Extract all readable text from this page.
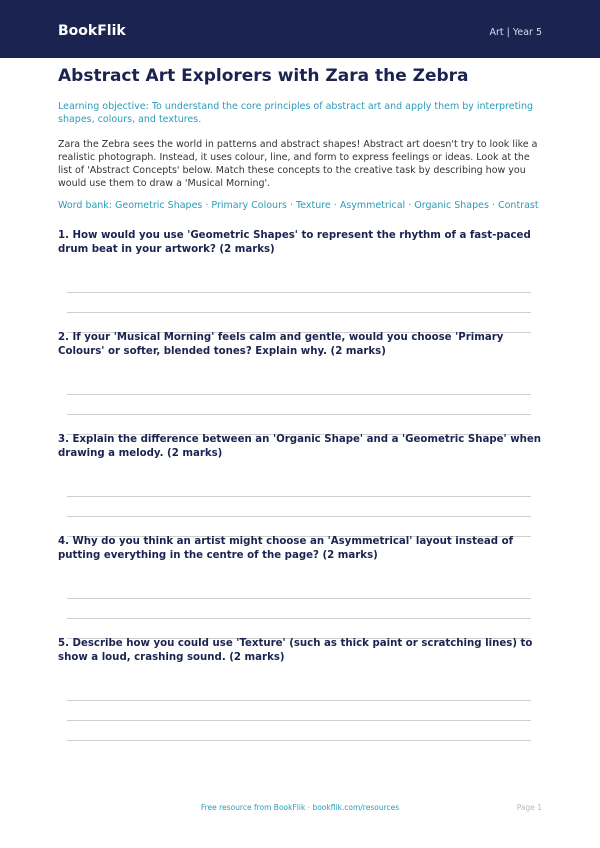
BookFlik	Art | Year 5
Abstract Art Explorers with Zara the Zebra
Learning objective: To understand the core principles of abstract art and apply them by interpreting shapes, colours, and textures.
Zara the Zebra sees the world in patterns and abstract shapes! Abstract art doesn't try to look like a realistic photograph. Instead, it uses colour, line, and form to express feelings or ideas. Look at the list of 'Abstract Concepts' below. Match these concepts to the creative task by describing how you would use them to draw a 'Musical Morning'.
Word bank: Geometric Shapes · Primary Colours · Texture · Asymmetrical · Organic Shapes · Contrast
1. How would you use 'Geometric Shapes' to represent the rhythm of a fast-paced drum beat in your artwork? (2 marks)
2. If your 'Musical Morning' feels calm and gentle, would you choose 'Primary Colours' or softer, blended tones? Explain why. (2 marks)
3. Explain the difference between an 'Organic Shape' and a 'Geometric Shape' when drawing a melody. (2 marks)
4. Why do you think an artist might choose an 'Asymmetrical' layout instead of putting everything in the centre of the page? (2 marks)
5. Describe how you could use 'Texture' (such as thick paint or scratching lines) to show a loud, crashing sound. (2 marks)
Free resource from BookFlik · bookflik.com/resources	Page 1
